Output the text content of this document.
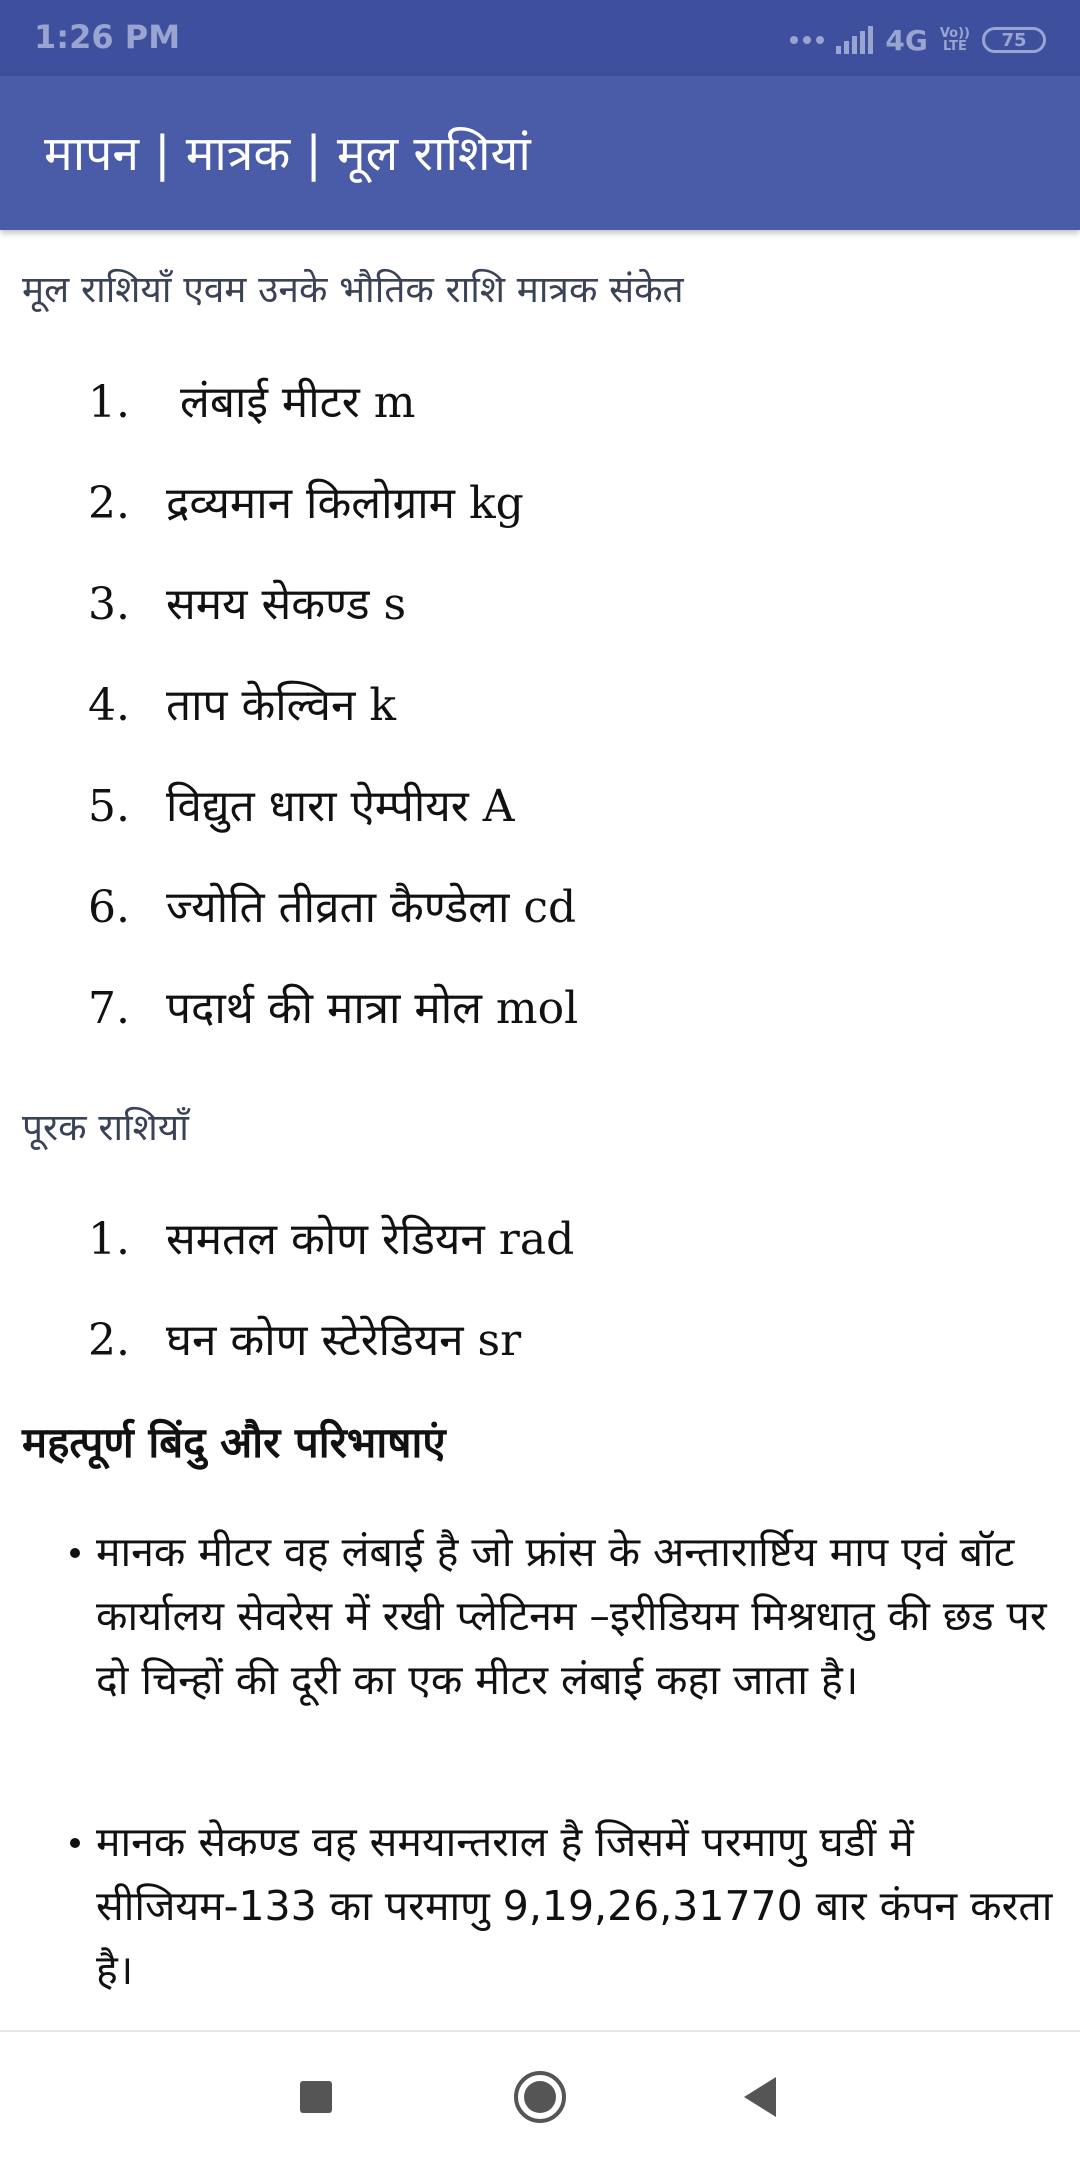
1:26 PM	4G Vo))
LTE 75
मापन | मात्रक | मूल राशियां
मूल राशियाँ एवम उनके भौतिक राशि मात्रक संकेत
1. लंबाई मीटर m
2. द्रव्यमान किलोग्राम kg
3. समय सेकण्ड s
4. ताप केल्विन k
5. विद्युत धारा ऐम्पीयर A
6. ज्योति तीव्रता कैण्डेला cd
7. पदार्थ की मात्रा मोल mol
पूरक राशियाँ
1. समतल कोण रेडियन rad
2. घन कोण स्टेरेडियन sr
महत्पूर्ण बिंदु और परिभाषाएं
मानक मीटर वह लंबाई है जो फ्रांस के अन्तारार्ष्टिय माप एवं बॉट कार्यालय सेवरेस में रखी प्लेटिनम –इरीडियम मिश्रधातु की छड पर दो चिन्हों की दूरी का एक मीटर लंबाई कहा जाता है।
मानक सेकण्ड वह समयान्तराल है जिसमें परमाणु घडीं में सीजियम-133 का परमाणु 9,19,26,31770 बार कंपन करता है।
